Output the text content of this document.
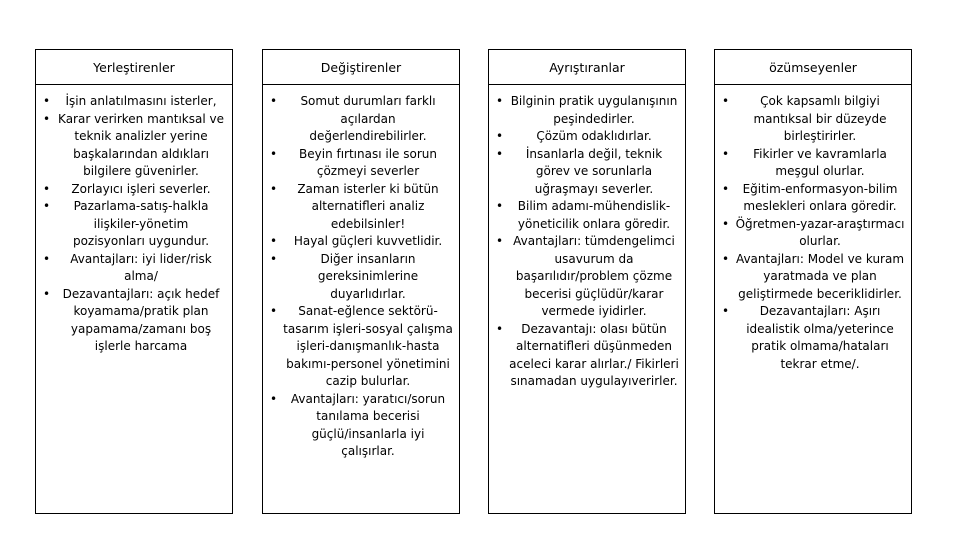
Yerleştirenler
• İşin anlatılmasını isterler,
• Karar verirken mantıksal ve teknik analizler yerine başkalarından aldıkları bilgilere güvenirler.
• Zorlayıcı işleri severler.
• Pazarlama-satış-halkla ilişkiler-yönetim pozisyonları uygundur.
• Avantajları: iyi lider/risk alma/
• Dezavantajları: açık hedef koyamama/pratik plan yapamama/zamanı boş işlerle harcama
Değiştirenler
• Somut durumları farklı açılardan değerlendirebilirler.
• Beyin fırtınası ile sorun çözmeyi severler
• Zaman isterler ki bütün alternatifleri analiz edebilsinler!
• Hayal güçleri kuvvetlidir.
• Diğer insanların gereksinimlerine duyarlıdırlar.
• Sanat-eğlence sektörü-tasarım işleri-sosyal çalışma işleri-danışmanlık-hasta bakımı-personel yönetimini cazip bulurlar.
• Avantajları: yaratıcı/sorun tanılama becerisi güçlü/insanlarla iyi çalışırlar.
Ayrıştıranlar
• Bilginin pratik uygulanışının peşindedirler.
• Çözüm odaklıdırlar.
• İnsanlarla değil, teknik görev ve sorunlarla uğraşmayı severler.
• Bilim adamı-mühendislik-yöneticilik onlara göredir.
• Avantajları: tümdengelimci usavurum da başarılıdır/problem çözme becerisi güçlüdür/karar vermede iyidirler.
• Dezavantajı: olası bütün alternatifleri düşünmeden aceleci karar alırlar./ Fikirleri sınamadan uygulayıverirler.
özümseyenler
• Çok kapsamlı bilgiyi mantıksal bir düzeyde birleştirirler.
• Fikirler ve kavramlarla meşgul olurlar.
• Eğitim-enformasyon-bilim meslekleri onlara göredir.
• Öğretmen-yazar-araştırmacı olurlar.
• Avantajları: Model ve kuram yaratmada ve plan geliştirmede beceriklidirler.
• Dezavantajları: Aşırı idealistik olma/yeterince pratik olmama/hataları tekrar etme/.
